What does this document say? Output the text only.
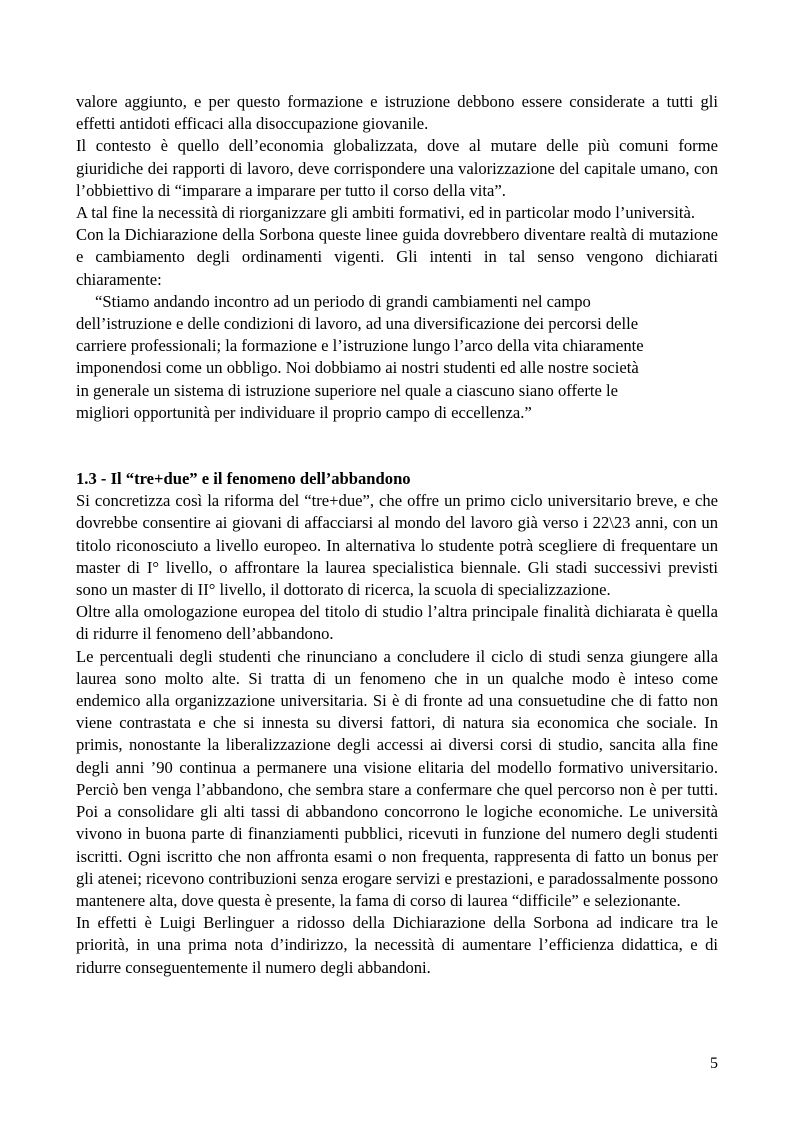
valore aggiunto, e per questo formazione e istruzione debbono essere considerate a tutti gli effetti antidoti efficaci alla disoccupazione giovanile.

Il contesto è quello dell’economia globalizzata, dove al mutare delle più comuni forme giuridiche dei rapporti di lavoro, deve corrispondere una valorizzazione del capitale umano, con l’obbiettivo di “imparare a imparare per tutto il corso della vita”.

A tal fine la necessità di riorganizzare gli ambiti formativi, ed in particolar modo l’università.

Con la Dichiarazione della Sorbona queste linee guida dovrebbero diventare realtà di mutazione e cambiamento degli ordinamenti vigenti. Gli intenti in tal senso vengono dichiarati chiaramente:

“Stiamo andando incontro ad un periodo di grandi cambiamenti nel campo
dell’istruzione e delle condizioni di lavoro, ad una diversificazione dei percorsi delle
carriere professionali; la formazione e l’istruzione lungo l’arco della vita chiaramente
imponendosi come un obbligo. Noi dobbiamo ai nostri studenti ed alle nostre società
in generale un sistema di istruzione superiore nel quale a ciascuno siano offerte le
migliori opportunità per individuare il proprio campo di eccellenza.”
1.3 - Il “tre+due” e il fenomeno dell’abbandono

Si concretizza così la riforma del “tre+due”, che offre un primo ciclo universitario breve, e che dovrebbe consentire ai giovani di affacciarsi al mondo del lavoro già verso i 22\23 anni, con un titolo riconosciuto a livello europeo. In alternativa lo studente potrà scegliere di frequentare un master di I° livello, o affrontare la laurea specialistica biennale. Gli stadi successivi previsti sono un master di II° livello, il dottorato di ricerca, la scuola di specializzazione.

Oltre alla omologazione europea del titolo di studio l’altra principale finalità dichiarata è quella di ridurre il fenomeno dell’abbandono.

Le percentuali degli studenti che rinunciano a concludere il ciclo di studi senza giungere alla laurea sono molto alte. Si tratta di un fenomeno che in un qualche modo è inteso come endemico alla organizzazione universitaria. Si è di fronte ad una consuetudine che di fatto non viene contrastata e che si innesta su diversi fattori, di natura sia economica che sociale. In primis, nonostante la liberalizzazione degli accessi ai diversi corsi di studio, sancita alla fine degli anni ’90 continua a permanere una visione elitaria del modello formativo universitario. Perciò ben venga l’abbandono, che sembra stare a confermare che quel percorso non è per tutti. Poi a consolidare gli alti tassi di abbandono concorrono le logiche economiche. Le università vivono in buona parte di finanziamenti pubblici, ricevuti in funzione del numero degli studenti iscritti. Ogni iscritto che non affronta esami o non frequenta, rappresenta di fatto un bonus per gli atenei; ricevono contribuzioni senza erogare servizi e prestazioni, e paradossalmente possono mantenere alta, dove questa è presente, la fama di corso di laurea “difficile” e selezionante.

In effetti è Luigi Berlinguer a ridosso della Dichiarazione della Sorbona ad indicare tra le priorità, in una prima nota d’indirizzo, la necessità di aumentare l’efficienza didattica, e di ridurre conseguentemente il numero degli abbandoni.

5
